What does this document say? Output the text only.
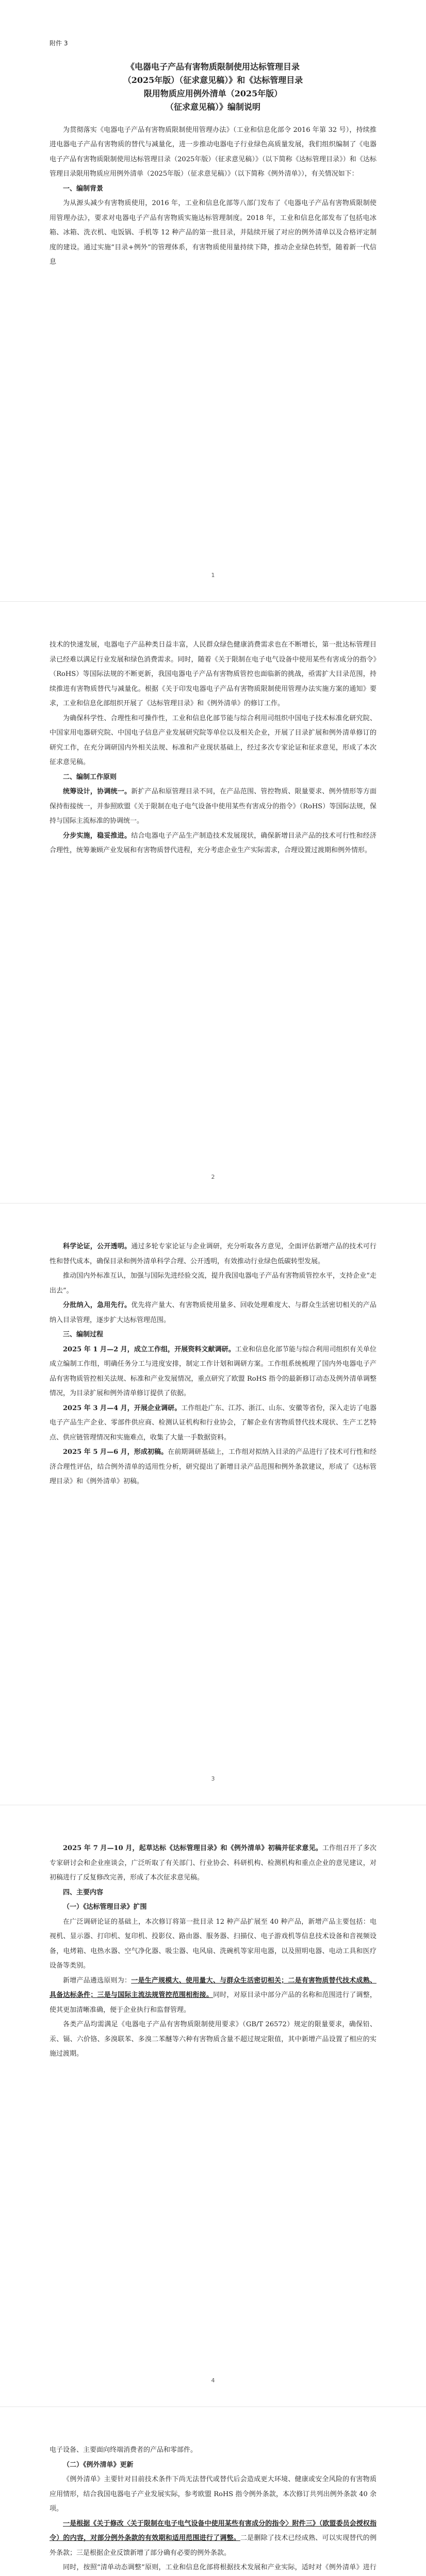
附件 3
《电器电子产品有害物质限制使用达标管理目录
（2025年版）（征求意见稿）》和《达标管理目录
限用物质应用例外清单（2025年版）
（征求意见稿）》编制说明

为贯彻落实《电器电子产品有害物质限制使用管理办法》（工业和信息化部令 2016 年第 32 号），持续推进电器电子产品有害物质的替代与减量化，进一步推动电器电子行业绿色高质量发展，我们组织编制了《电器电子产品有害物质限制使用达标管理目录（2025年版）（征求意见稿）》（以下简称《达标管理目录》）和《达标管理目录限用物质应用例外清单（2025年版）（征求意见稿）》（以下简称《例外清单》），有关情况如下：

一、编制背景

为从源头减少有害物质使用，2016 年，工业和信息化部等八部门发布了《电器电子产品有害物质限制使用管理办法》，要求对电器电子产品有害物质实施达标管理制度。2018 年，工业和信息化部发布了包括电冰箱、冰箱、洗衣机、电饭锅、手机等 12 种产品的第一批目录，并陆续开展了对应的例外清单以及合格评定制度的建设。通过实施“目录+例外”的管理体系，有害物质使用量持续下降，推动企业绿色转型，随着新一代信息

1

技术的快速发展，电器电子产品种类日益丰富，人民群众绿色健康消费需求也在不断增长，第一批达标管理目录已经难以满足行业发展和绿色消费需求。同时，随着《关于限制在电子电气设备中使用某些有害成分的指令》（RoHS）等国际法规的不断更新，我国电器电子产品有害物质管控也面临新的挑战，亟需扩大目录范围，持续推进有害物质替代与减量化。根据《关于印发电器电子产品有害物质限制使用管理办法实施方案的通知》要求，工业和信息化部组织开展了《达标管理目录》和《例外清单》的修订工作。

为确保科学性、合理性和可操作性，工业和信息化部节能与综合利用司组织中国电子技术标准化研究院、中国家用电器研究院、中国电子信息产业发展研究院等单位以及相关企业，开展了目录扩展和例外清单修订的研究工作，在充分调研国内外相关法规、标准和产业现状基础上，经过多次专家论证和征求意见，形成了本次征求意见稿。

二、编制工作原则

统筹设计，协调统一。新扩产品和原管理目录不同，在产品范围、管控物质、限量要求、例外情形等方面保持衔接统一，并参照欧盟《关于限制在电子电气设备中使用某些有害成分的指令》（RoHS）等国际法规，保持与国际主流标准的协调统一。

分步实施，稳妥推进。结合电器电子产品生产制造技术发展现状，确保新增目录产品的技术可行性和经济合理性，统筹兼顾产业发展和有害物质替代进程，充分考虑企业生产实际需求，合理设置过渡期和例外情形。

2

科学论证，公开透明。通过多轮专家论证与企业调研，充分听取各方意见，全面评估新增产品的技术可行性和替代成本，确保目录和例外清单科学合理、公开透明，有效推动行业绿色低碳转型发展。

推动国内外标准互认，加强与国际先进经验交流，提升我国电器电子产品有害物质管控水平，支持企业“走出去”。

分批纳入，急用先行。优先将产量大、有害物质使用量多、回收处理难度大、与群众生活密切相关的产品纳入目录管理，逐步扩大达标管理范围。

三、编制过程

2025 年 1 月—2 月，成立工作组，开展资料文献调研。工业和信息化部节能与综合利用司组织有关单位成立编制工作组，明确任务分工与进度安排，制定工作计划和调研方案。工作组系统梳理了国内外电器电子产品有害物质管控相关法规、标准和产业发展情况，重点研究了欧盟 RoHS 指令的最新修订动态及例外清单调整情况，为目录扩展和例外清单修订提供了依据。

2025 年 3 月—4 月，开展企业调研。工作组赴广东、江苏、浙江、山东、安徽等省份，深入走访了电器电子产品生产企业、零部件供应商、检测认证机构和行业协会，了解企业有害物质替代技术现状、生产工艺特点、供应链管理情况和实施难点，收集了大量一手数据资料。

2025 年 5 月—6 月，形成初稿。在前期调研基础上，工作组对拟纳入目录的产品进行了技术可行性和经济合理性评估，结合例外清单的适用性分析，研究提出了新增目录产品范围和例外条款建议，形成了《达标管理目录》和《例外清单》初稿。

3

2025 年 7 月—10 月，起草达标《达标管理目录》和《例外清单》初稿并征求意见。工作组召开了多次专家研讨会和企业座谈会，广泛听取了有关部门、行业协会、科研机构、检测机构和重点企业的意见建议，对初稿进行了反复修改完善，形成了本次征求意见稿。

四、主要内容

（一）《达标管理目录》扩围

在广泛调研论证的基础上，本次修订将第一批目录 12 种产品扩展至 40 种产品，新增产品主要包括：电视机、显示器、打印机、复印机、投影仪、路由器、服务器、扫描仪、电子游戏机等信息技术设备和音视频设备，电烤箱、电热水器、空气净化器、吸尘器、电风扇、洗碗机等家用电器，以及照明电器、电动工具和医疗设备等类别。

新增产品遴选原则为：一是生产规模大、使用量大、与群众生活密切相关；二是有害物质替代技术成熟、具备达标条件；三是与国际主流法规管控范围相衔接。同时，对原目录中部分产品的名称和范围进行了调整，使其更加清晰准确，便于企业执行和监督管理。

各类产品均需满足《电器电子产品有害物质限制使用要求》（GB/T 26572）规定的限量要求，确保铅、汞、镉、六价铬、多溴联苯、多溴二苯醚等六种有害物质含量不超过规定限值，其中新增产品设置了相应的实施过渡期。

4

电子设备、主要面向终端消费者的产品和零部件。

（二）《例外清单》更新

《例外清单》主要针对目前技术条件下尚无法替代或替代后会造成更大环境、健康或安全风险的有害物质应用情形，结合我国电器电子产业发展实际，参考欧盟 RoHS 指令例外条款，本次修订共列出例外条款 40 余项。

一是根据《关于修改〈关于限制在电子电气设备中使用某些有害成分的指令〉附件三》（欧盟委员会授权指令）的内容，对部分例外条款的有效期和适用范围进行了调整。二是删除了技术已经成熟、可以实现替代的例外条款；三是根据企业反馈新增了部分确有必要的例外条款。

同时，按照“清单动态调整”原则，工业和信息化部将根据技术发展和产业实际，适时对《例外清单》进行
